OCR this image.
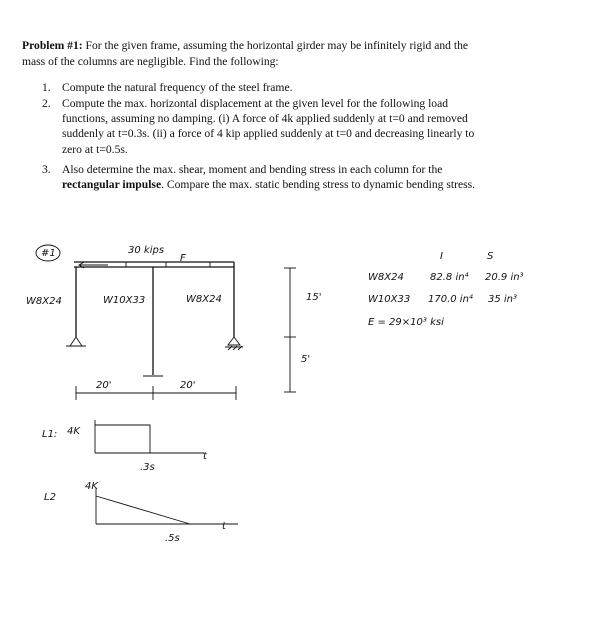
Problem #1: For the given frame, assuming the horizontal girder may be infinitely rigid and the
mass of the columns are negligible. Find the following:

1. Compute the natural frequency of the steel frame.
2. Compute the max. horizontal displacement at the given level for the following load
functions, assuming no damping. (i) A force of 4k applied suddenly at t=0 and removed
suddenly at t=0.3s. (ii) a force of 4 kip applied suddenly at t=0 and decreasing linearly to
zero at t=0.5s.
3. Also determine the max. shear, moment and bending stress in each column for the
rectangular impulse. Compare the max. static bending stress to dynamic bending stress.
#1	30 kips
F
W8X24	W10X33	W8X24
20'	20'
15'
5'
I	S
W8X24	82.8 in⁴ 20.9 in³
W10X33 170.0 in⁴ 35 in³
E = 29×10³ ksi
L1: 4K
.3s
t
L2
4K
.5s
t
